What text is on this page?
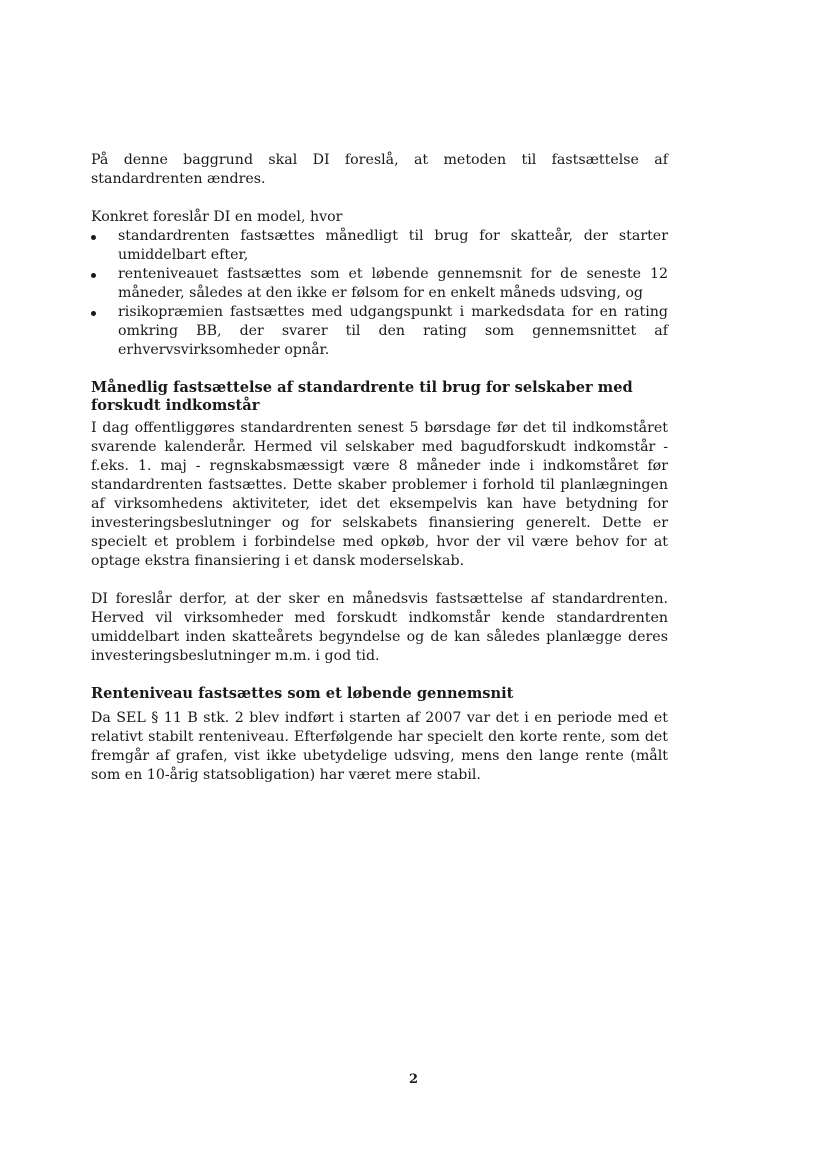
På denne baggrund skal DI foreslå, at metoden til fastsættelse af standardrenten ændres.

Konkret foreslår DI en model, hvor

standardrenten fastsættes månedligt til brug for skatteår, der starter umiddelbart efter,
renteniveauet fastsættes som et løbende gennemsnit for de seneste 12 måneder, således at den ikke er følsom for en enkelt måneds udsving, og
risikopræmien fastsættes med udgangspunkt i markedsdata for en rating omkring BB, der svarer til den rating som gennemsnittet af erhvervsvirksomheder opnår.
Månedlig fastsættelse af standardrente til brug for selskaber med forskudt indkomstår

I dag offentliggøres standardrenten senest 5 børsdage før det til indkomståret svarende kalenderår. Hermed vil selskaber med bagudforskudt indkomstår - f.eks. 1. maj - regnskabsmæssigt være 8 måneder inde i indkomståret før standardrenten fastsættes. Dette skaber problemer i forhold til planlægningen af virksomhedens aktiviteter, idet det eksempelvis kan have betydning for investeringsbeslutninger og for selskabets finansiering generelt. Dette er specielt et problem i forbindelse med opkøb, hvor der vil være behov for at optage ekstra finansiering i et dansk moderselskab.

DI foreslår derfor, at der sker en månedsvis fastsættelse af standardrenten. Herved vil virksomheder med forskudt indkomstår kende standardrenten umiddelbart inden skatteårets begyndelse og de kan således planlægge deres investeringsbeslutninger m.m. i god tid.

Renteniveau fastsættes som et løbende gennemsnit

Da SEL § 11 B stk. 2 blev indført i starten af 2007 var det i en periode med et relativt stabilt renteniveau. Efterfølgende har specielt den korte rente, som det fremgår af grafen, vist ikke ubetydelige udsving, mens den lange rente (målt som en 10-årig statsobligation) har været mere stabil.

2
